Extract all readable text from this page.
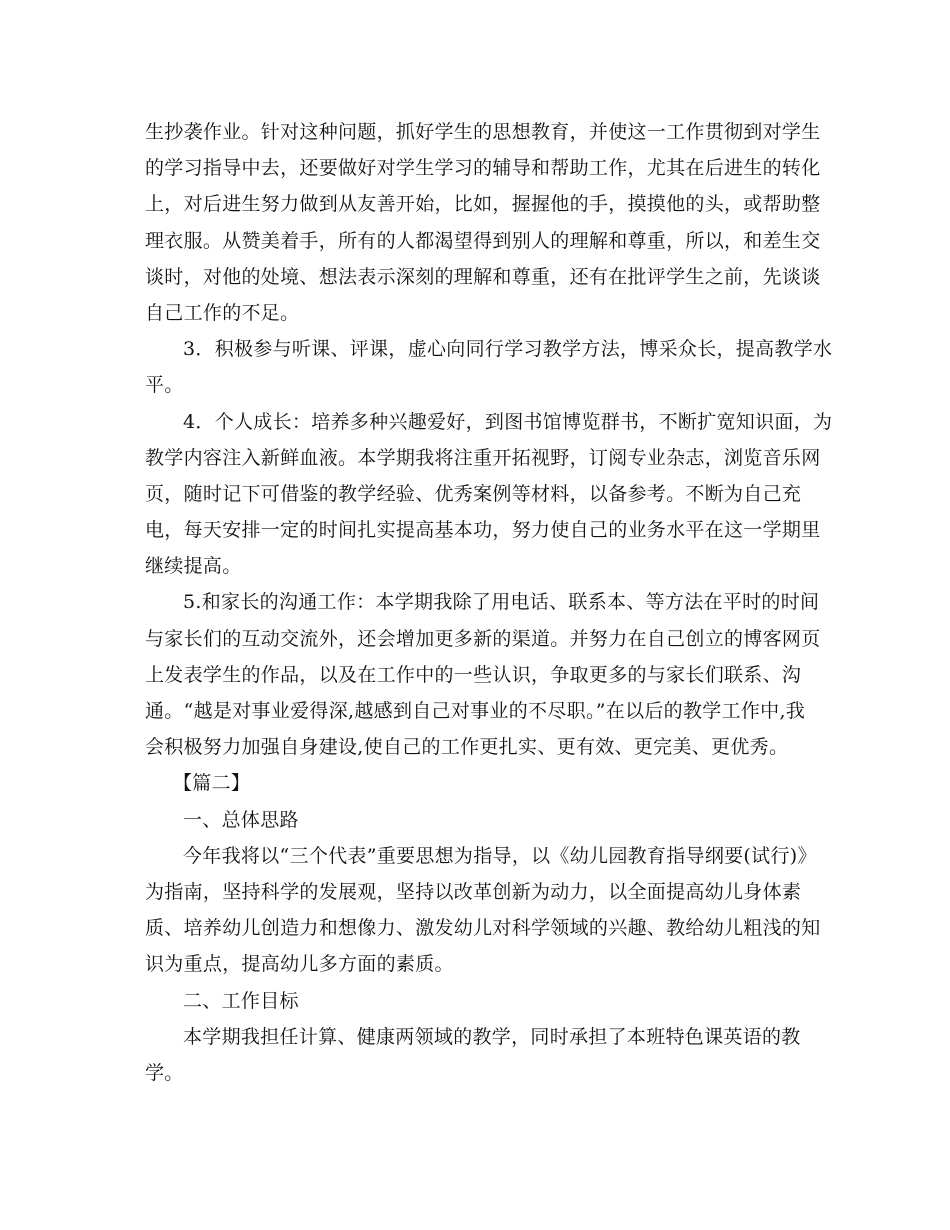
生抄袭作业。针对这种问题，抓好学生的思想教育，并使这一工作贯彻到对学生
的学习指导中去，还要做好对学生学习的辅导和帮助工作，尤其在后进生的转化
上，对后进生努力做到从友善开始，比如，握握他的手，摸摸他的头，或帮助整
理衣服。从赞美着手，所有的人都渴望得到别人的理解和尊重，所以，和差生交
谈时，对他的处境、想法表示深刻的理解和尊重，还有在批评学生之前，先谈谈
自己工作的不足。
3．积极参与听课、评课，虚心向同行学习教学方法，博采众长，提高教学水
平。
4．个人成长：培养多种兴趣爱好，到图书馆博览群书，不断扩宽知识面，为
教学内容注入新鲜血液。本学期我将注重开拓视野，订阅专业杂志，浏览音乐网
页，随时记下可借鉴的教学经验、优秀案例等材料，以备参考。不断为自己充
电，每天安排一定的时间扎实提高基本功，努力使自己的业务水平在这一学期里
继续提高。
5.和家长的沟通工作：本学期我除了用电话、联系本、等方法在平时的时间
与家长们的互动交流外，还会增加更多新的渠道。并努力在自己创立的博客网页
上发表学生的作品，以及在工作中的一些认识，争取更多的与家长们联系、沟
通。“越是对事业爱得深,越感到自己对事业的不尽职。”在以后的教学工作中,我
会积极努力加强自身建设,使自己的工作更扎实、更有效、更完美、更优秀。
【篇二】
一、总体思路
今年我将以“三个代表”重要思想为指导，以《幼儿园教育指导纲要(试行)》
为指南，坚持科学的发展观，坚持以改革创新为动力，以全面提高幼儿身体素
质、培养幼儿创造力和想像力、激发幼儿对科学领域的兴趣、教给幼儿粗浅的知
识为重点，提高幼儿多方面的素质。
二、工作目标
本学期我担任计算、健康两领域的教学，同时承担了本班特色课英语的教
学。
